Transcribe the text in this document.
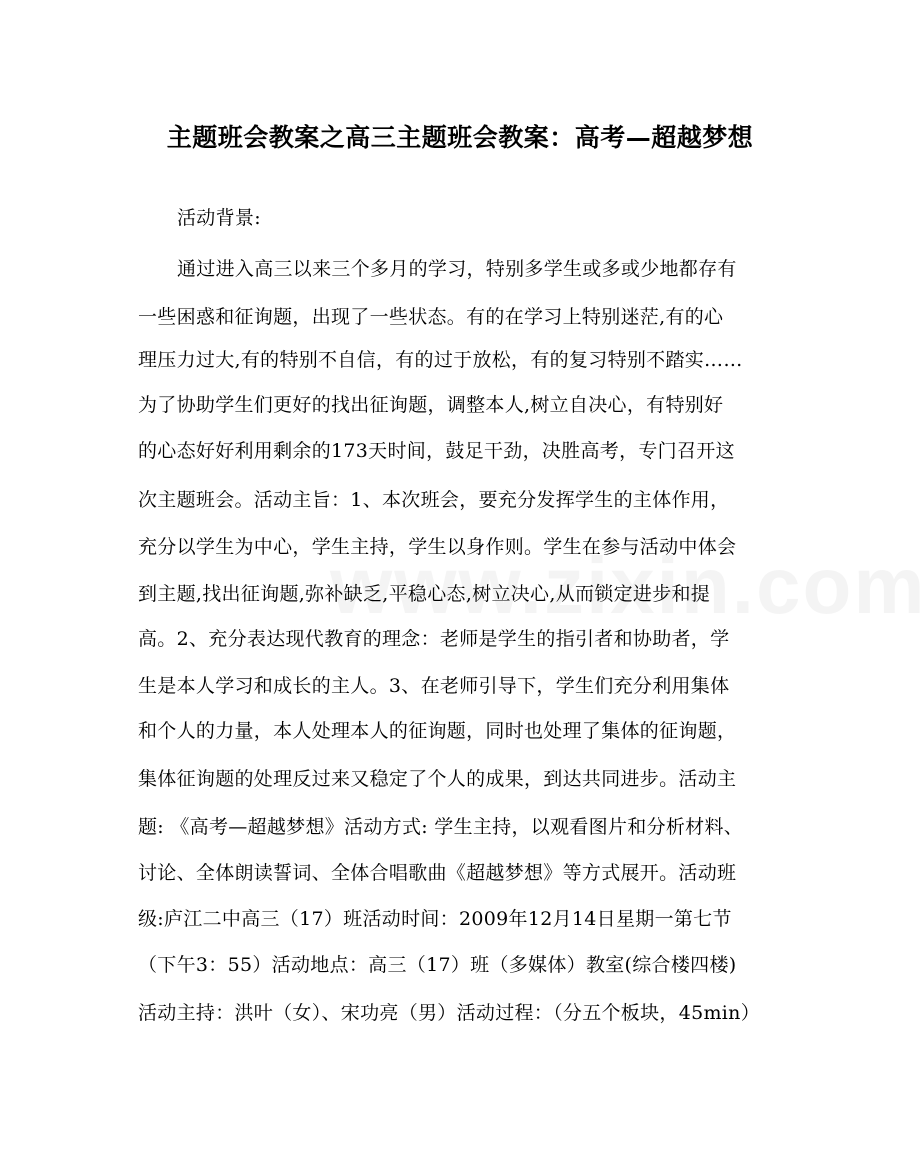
主题班会教案之高三主题班会教案：高考—超越梦想
活动背景:
通过进入高三以来三个多月的学习，特别多学生或多或少地都存有
一些困惑和征询题，出现了一些状态。有的在学习上特别迷茫,有的心
理压力过大,有的特别不自信，有的过于放松，有的复习特别不踏实……
为了协助学生们更好的找出征询题，调整本人,树立自决心，有特别好
的心态好好利用剩余的173天时间，鼓足干劲，决胜高考，专门召开这
次主题班会。活动主旨：1、本次班会，要充分发挥学生的主体作用，
充分以学生为中心，学生主持，学生以身作则。学生在参与活动中体会
到主题,找出征询题,弥补缺乏,平稳心态,树立决心,从而锁定进步和提
高。2、充分表达现代教育的理念：老师是学生的指引者和协助者，学
生是本人学习和成长的主人。3、在老师引导下，学生们充分利用集体
和个人的力量，本人处理本人的征询题，同时也处理了集体的征询题，
集体征询题的处理反过来又稳定了个人的成果，到达共同进步。活动主
题: 《高考—超越梦想》活动方式: 学生主持，以观看图片和分析材料、
讨论、全体朗读誓词、全体合唱歌曲《超越梦想》等方式展开。活动班
级:庐江二中高三（17）班活动时间：2009年12月14日星期一第七节
（下午3：55）活动地点：高三（17）班（多媒体）教室(综合楼四楼)
活动主持：洪叶（女）、宋功亮（男）活动过程：（分五个板块，45min）
